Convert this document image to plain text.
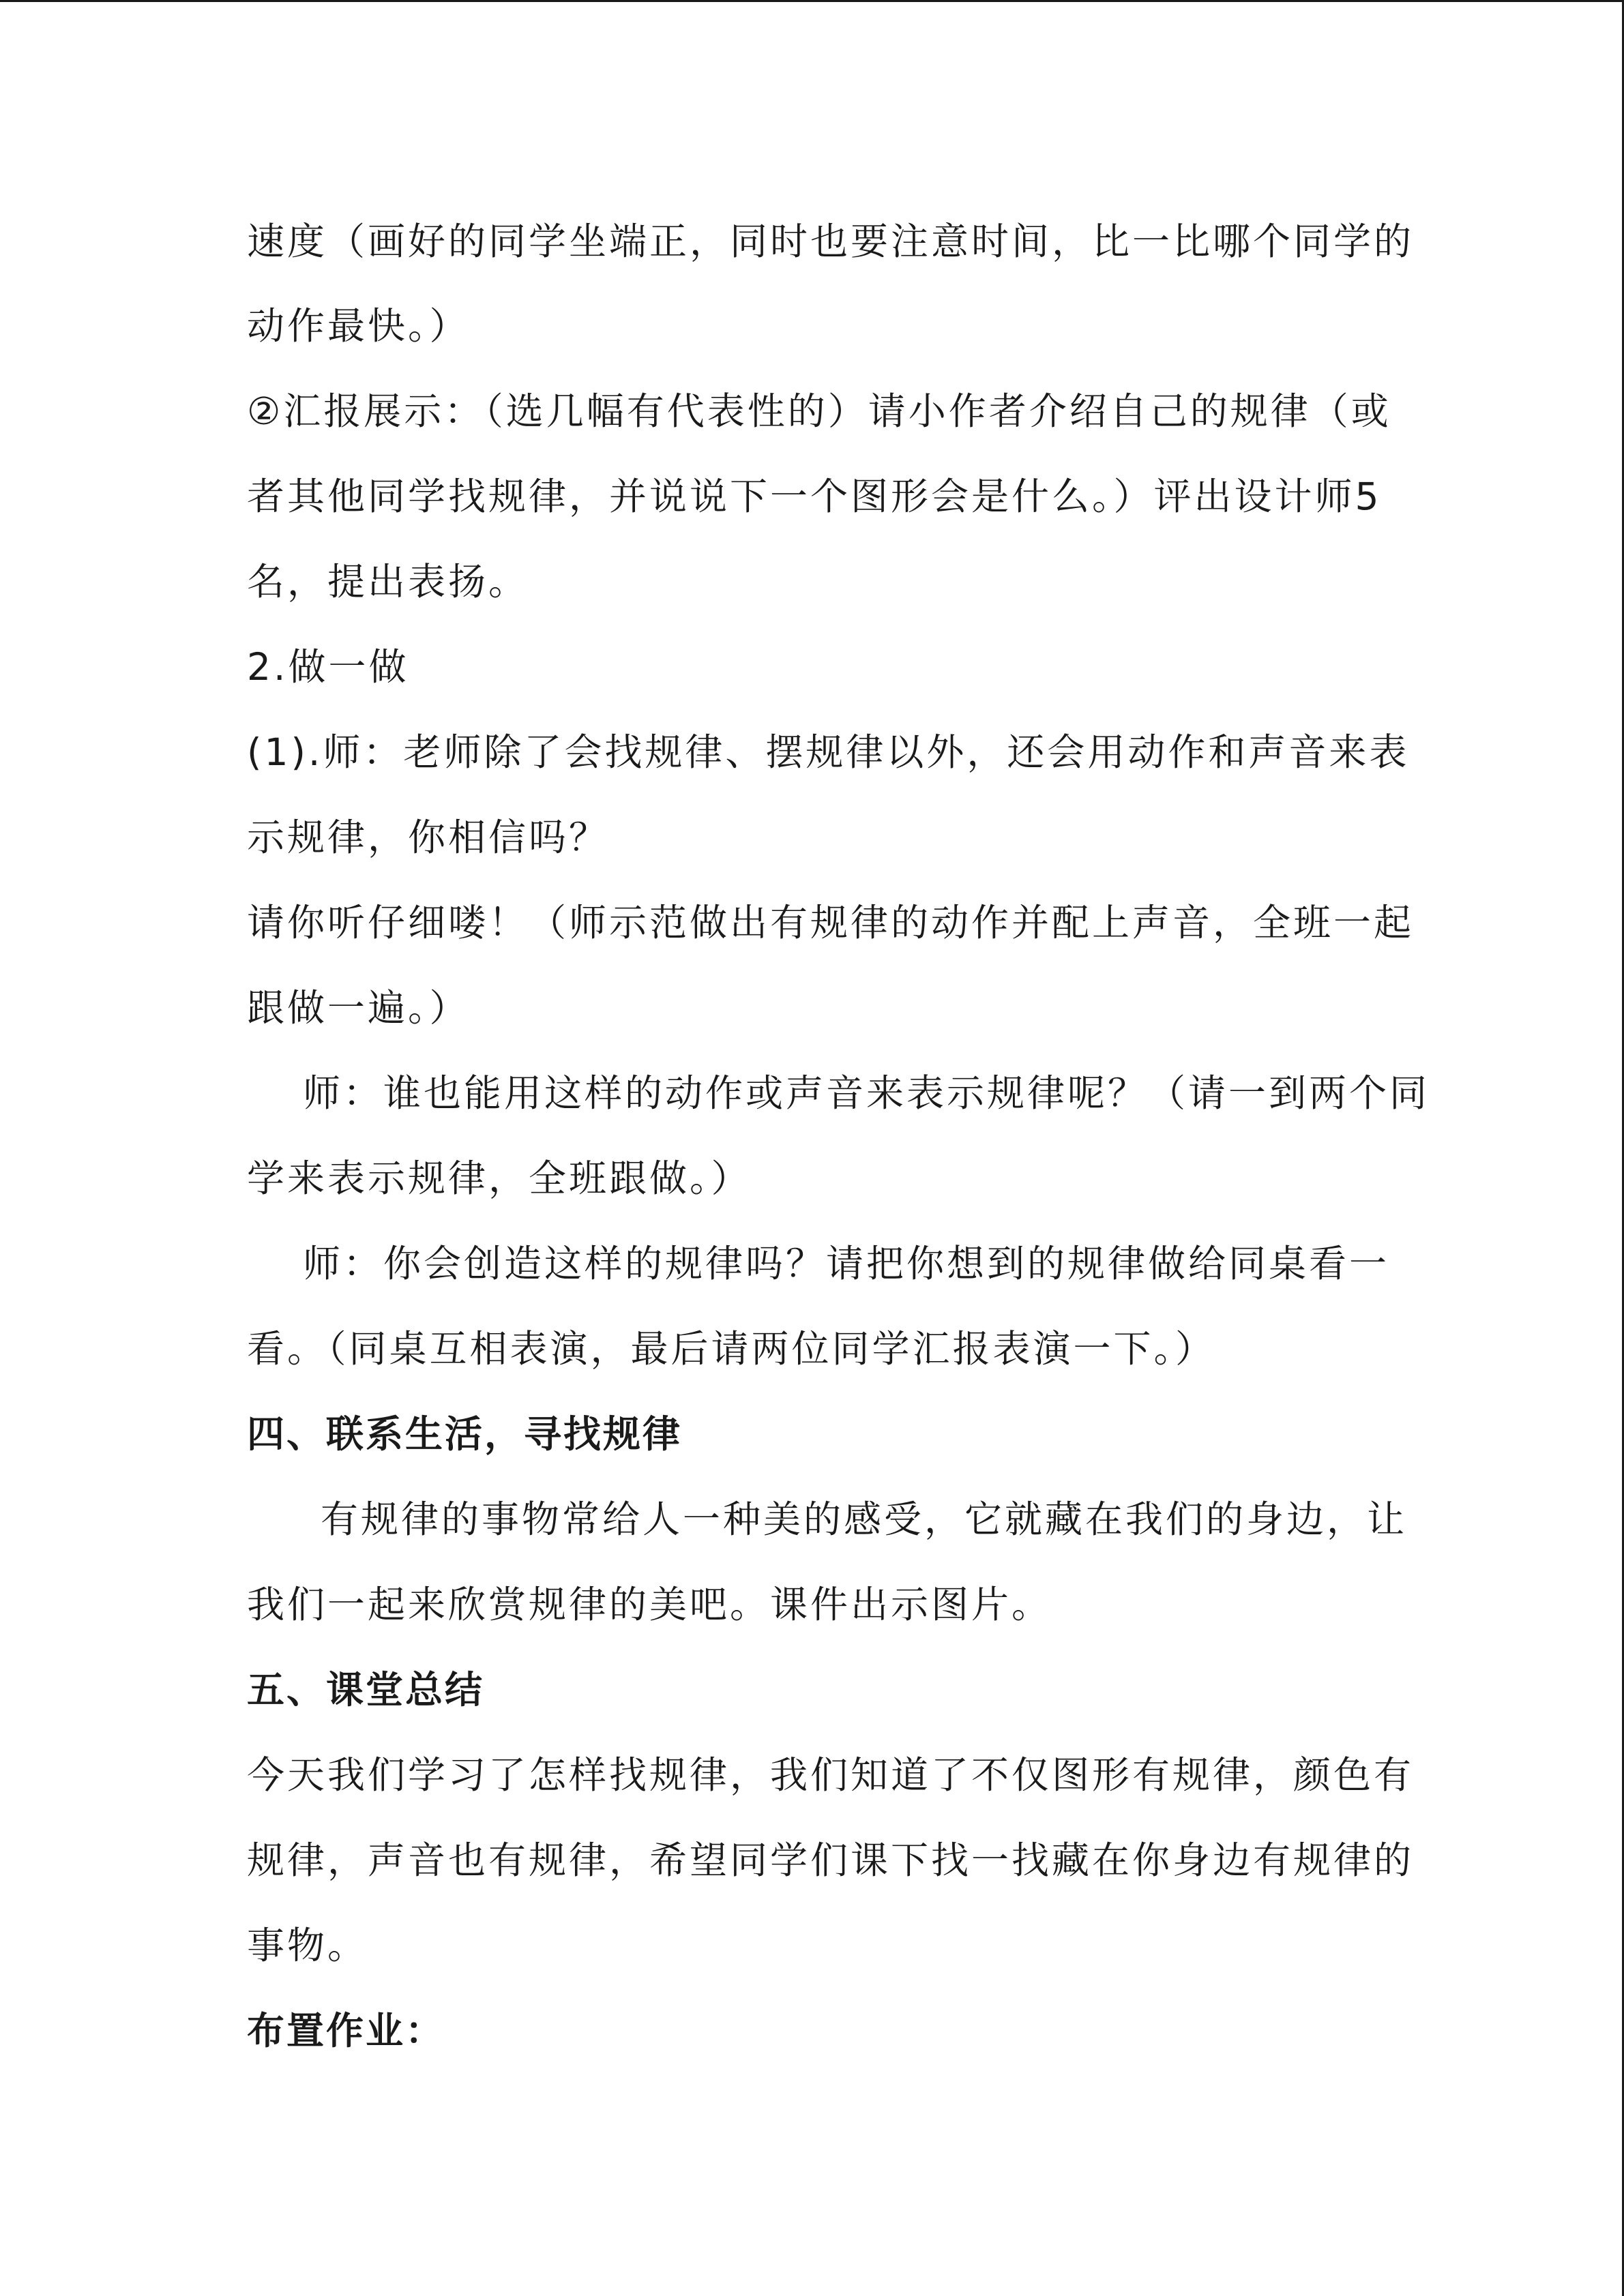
速度（画好的同学坐端正，同时也要注意时间，比一比哪个同学的
动作最快。）
②汇报展示：（选几幅有代表性的）请小作者介绍自己的规律（或
者其他同学找规律，并说说下一个图形会是什么。）评出设计师5
名，提出表扬。
2.做一做
(1).师：老师除了会找规律、摆规律以外，还会用动作和声音来表
示规律，你相信吗？
请你听仔细喽！（师示范做出有规律的动作并配上声音，全班一起
跟做一遍。）
师：谁也能用这样的动作或声音来表示规律呢？（请一到两个同
学来表示规律，全班跟做。）
师：你会创造这样的规律吗？请把你想到的规律做给同桌看一
看。（同桌互相表演，最后请两位同学汇报表演一下。）
四、联系生活，寻找规律
有规律的事物常给人一种美的感受，它就藏在我们的身边，让
我们一起来欣赏规律的美吧。课件出示图片。
五、课堂总结
今天我们学习了怎样找规律，我们知道了不仅图形有规律，颜色有
规律，声音也有规律，希望同学们课下找一找藏在你身边有规律的
事物。
布置作业：
